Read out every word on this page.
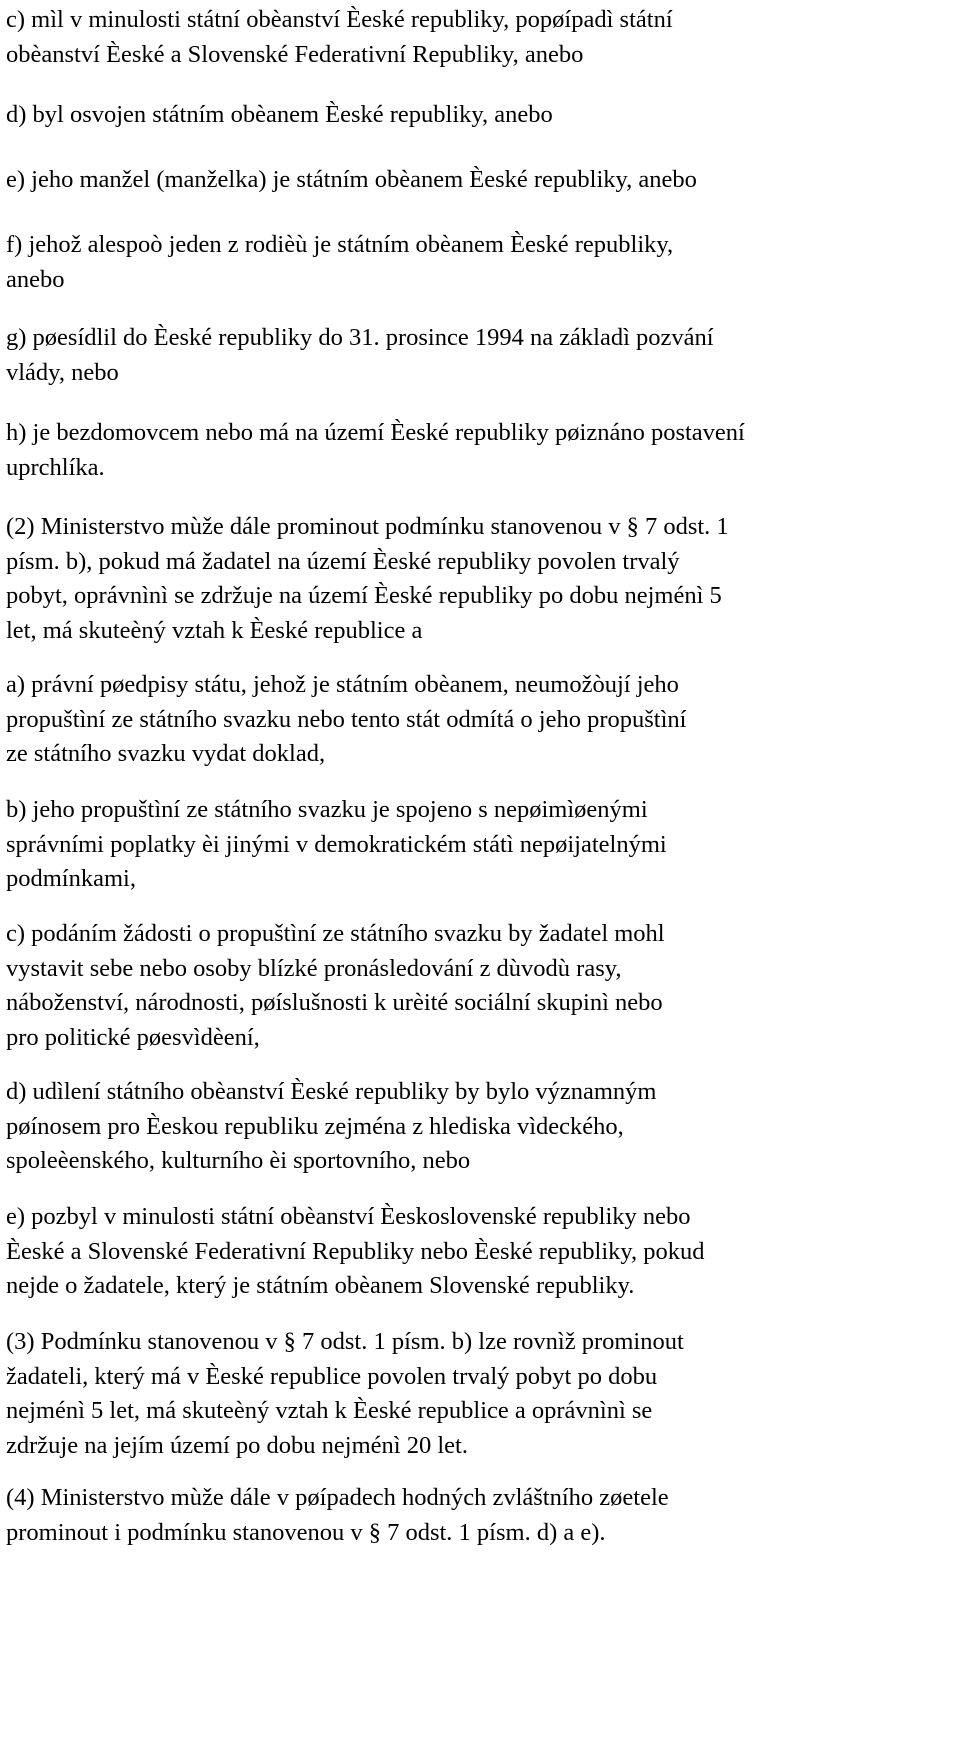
c) mìl v minulosti státní obèanství Èeské republiky, popøípadì státní
obèanství Èeské a Slovenské Federativní Republiky, anebo

d) byl osvojen státním obèanem Èeské republiky, anebo

e) jeho manžel (manželka) je státním obèanem Èeské republiky, anebo

f) jehož alespoò jeden z rodièù je státním obèanem Èeské republiky,
anebo

g) pøesídlil do Èeské republiky do 31. prosince 1994 na základì pozvání
vlády, nebo

h) je bezdomovcem nebo má na území Èeské republiky pøiznáno postavení
uprchlíka.

(2) Ministerstvo mùže dále prominout podmínku stanovenou v § 7 odst. 1
písm. b), pokud má žadatel na území Èeské republiky povolen trvalý
pobyt, oprávnìnì se zdržuje na území Èeské republiky po dobu nejménì 5
let, má skuteèný vztah k Èeské republice a

a) právní pøedpisy státu, jehož je státním obèanem, neumožòují jeho
propuštìní ze státního svazku nebo tento stát odmítá o jeho propuštìní
ze státního svazku vydat doklad,

b) jeho propuštìní ze státního svazku je spojeno s nepøimìøenými
správními poplatky èi jinými v demokratickém státì nepøijatelnými
podmínkami,

c) podáním žádosti o propuštìní ze státního svazku by žadatel mohl
vystavit sebe nebo osoby blízké pronásledování z dùvodù rasy,
náboženství, národnosti, pøíslušnosti k urèité sociální skupinì nebo
pro politické pøesvìdèení,

d) udìlení státního obèanství Èeské republiky by bylo významným
pøínosem pro Èeskou republiku zejména z hlediska vìdeckého,
spoleèenského, kulturního èi sportovního, nebo

e) pozbyl v minulosti státní obèanství Èeskoslovenské republiky nebo
Èeské a Slovenské Federativní Republiky nebo Èeské republiky, pokud
nejde o žadatele, který je státním obèanem Slovenské republiky.

(3) Podmínku stanovenou v § 7 odst. 1 písm. b) lze rovnìž prominout
žadateli, který má v Èeské republice povolen trvalý pobyt po dobu
nejménì 5 let, má skuteèný vztah k Èeské republice a oprávnìnì se
zdržuje na jejím území po dobu nejménì 20 let.

(4) Ministerstvo mùže dále v pøípadech hodných zvláštního zøetele
prominout i podmínku stanovenou v § 7 odst. 1 písm. d) a e).
